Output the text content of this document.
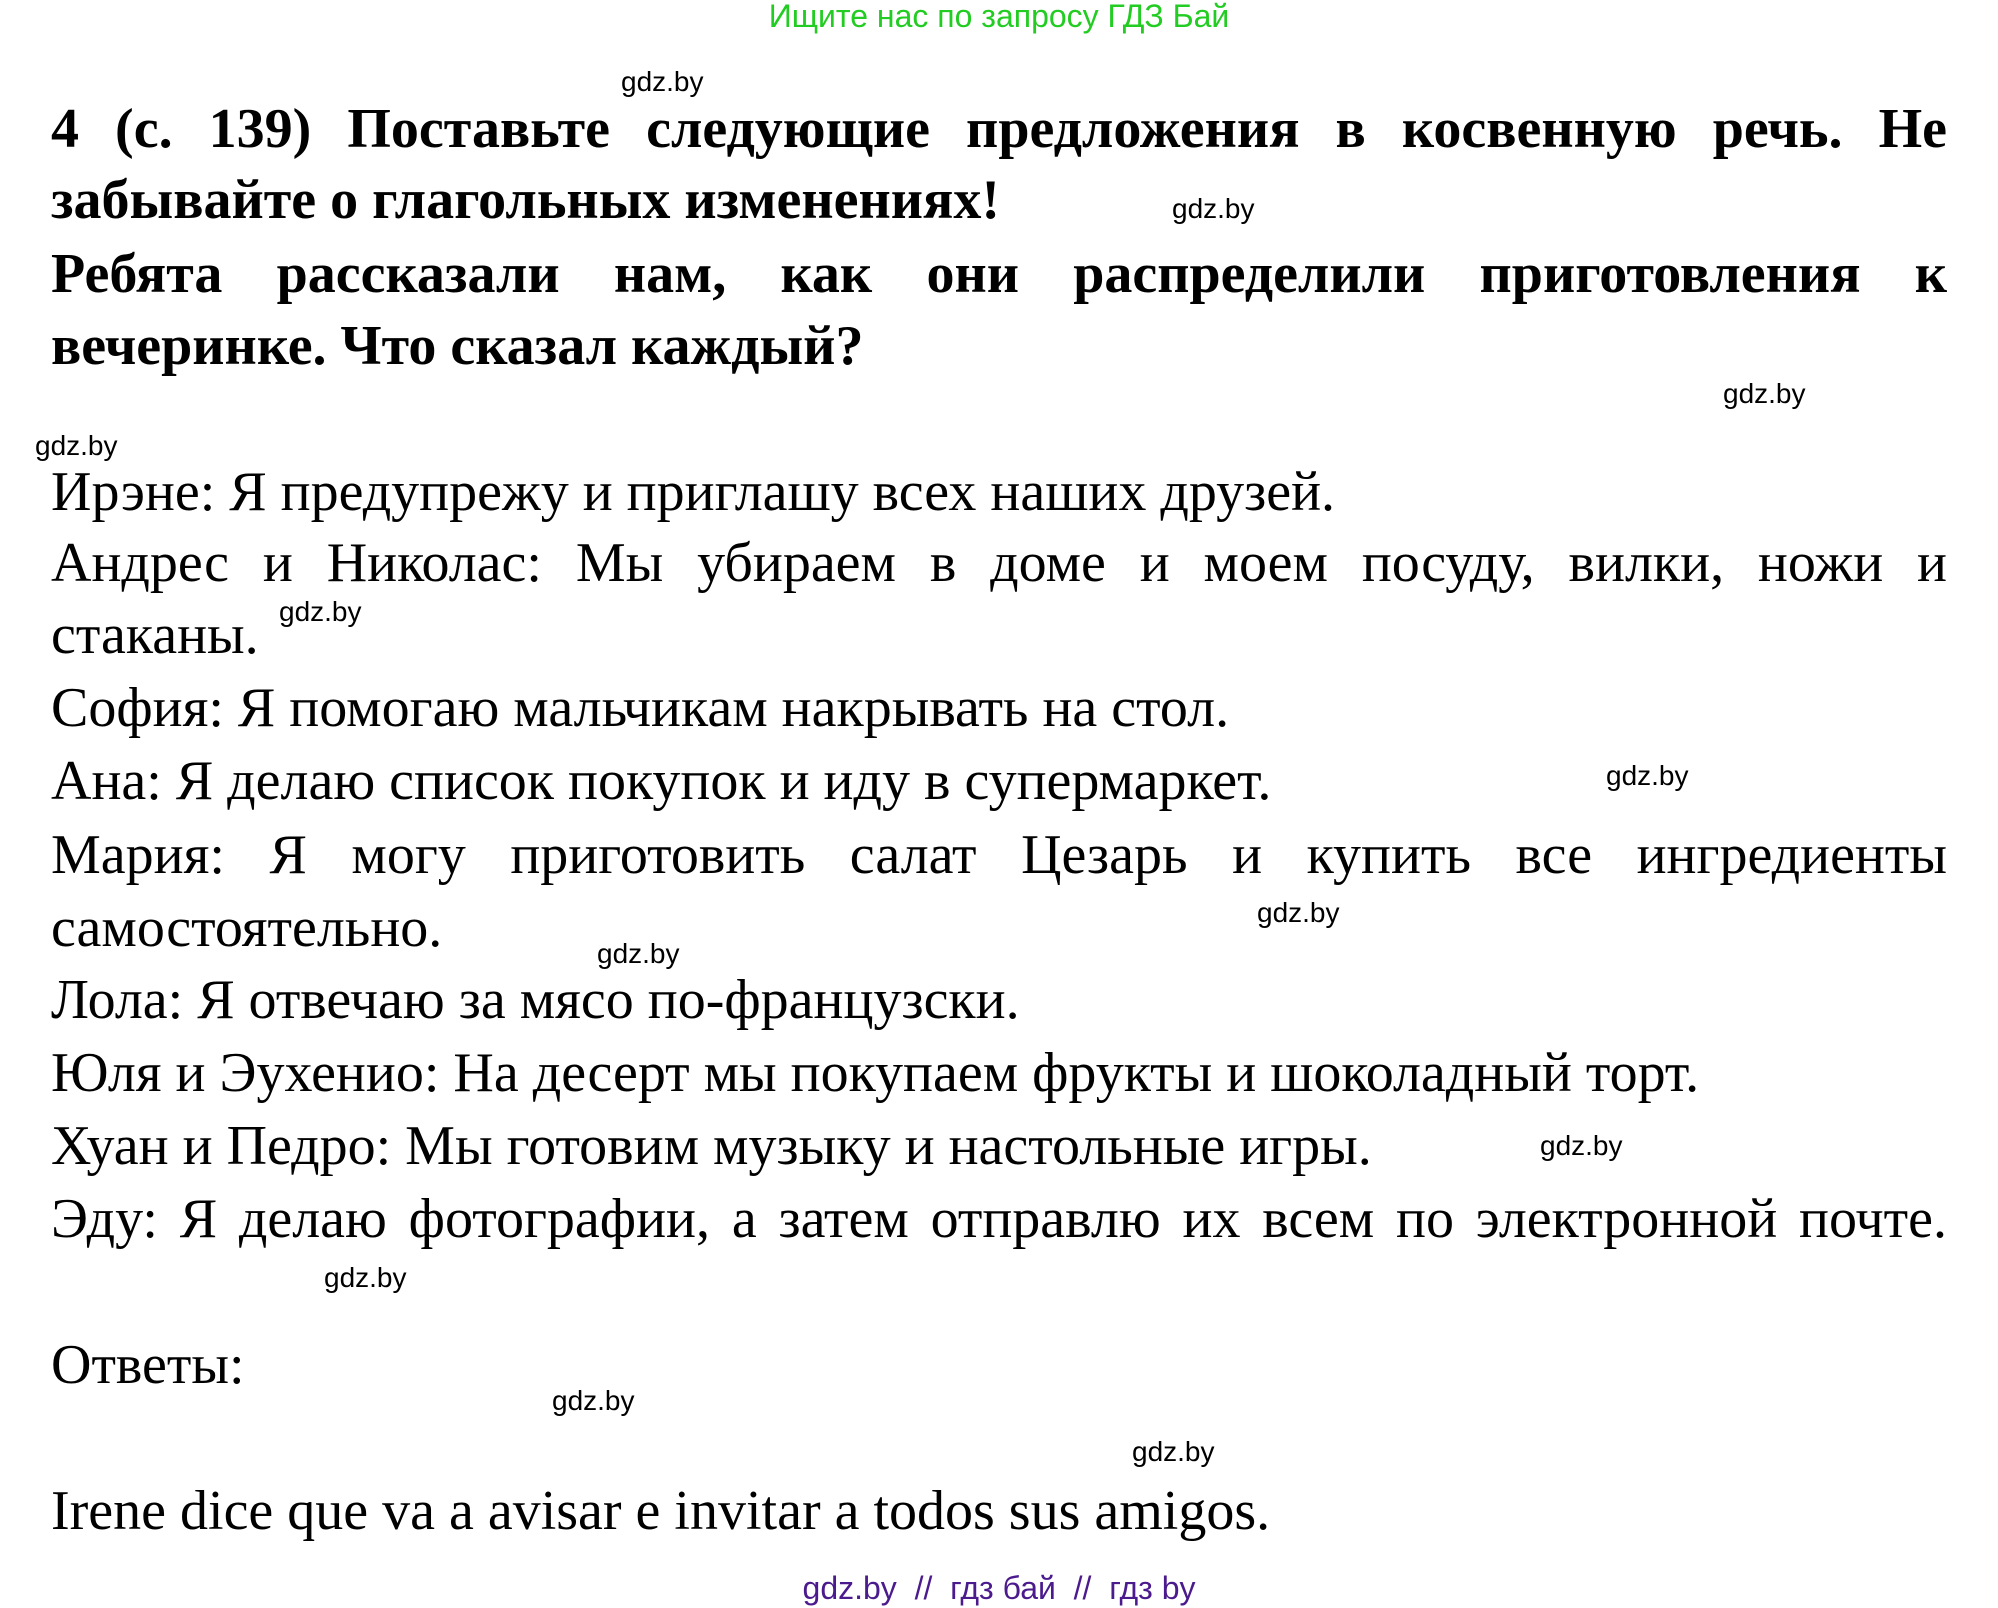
Ищите нас по запросу ГДЗ Бай
4 (с. 139) Поставьте следующие предложения в косвенную речь. Не
забывайте о глагольных изменениях!
Ребята рассказали нам, как они распределили приготовления к
вечеринке. Что сказал каждый?
Ирэне: Я предупрежу и приглашу всех наших друзей.
Андрес и Николас: Мы убираем в доме и моем посуду, вилки, ножи и
стаканы.
София: Я помогаю мальчикам накрывать на стол.
Ана: Я делаю список покупок и иду в супермаркет.
Мария: Я могу приготовить салат Цезарь и купить все ингредиенты
самостоятельно.
Лола: Я отвечаю за мясо по-французски.
Юля и Эухенио: На десерт мы покупаем фрукты и шоколадный торт.
Хуан и Педро: Мы готовим музыку и настольные игры.
Эду: Я делаю фотографии, а затем отправлю их всем по электронной почте.
Ответы:
Irene dice que va a avisar e invitar a todos sus amigos.
gdz.by
gdz.by
gdz.by
gdz.by
gdz.by
gdz.by
gdz.by
gdz.by
gdz.by
gdz.by
gdz.by
gdz.by
gdz.by  //  гдз бай  //  гдз by
